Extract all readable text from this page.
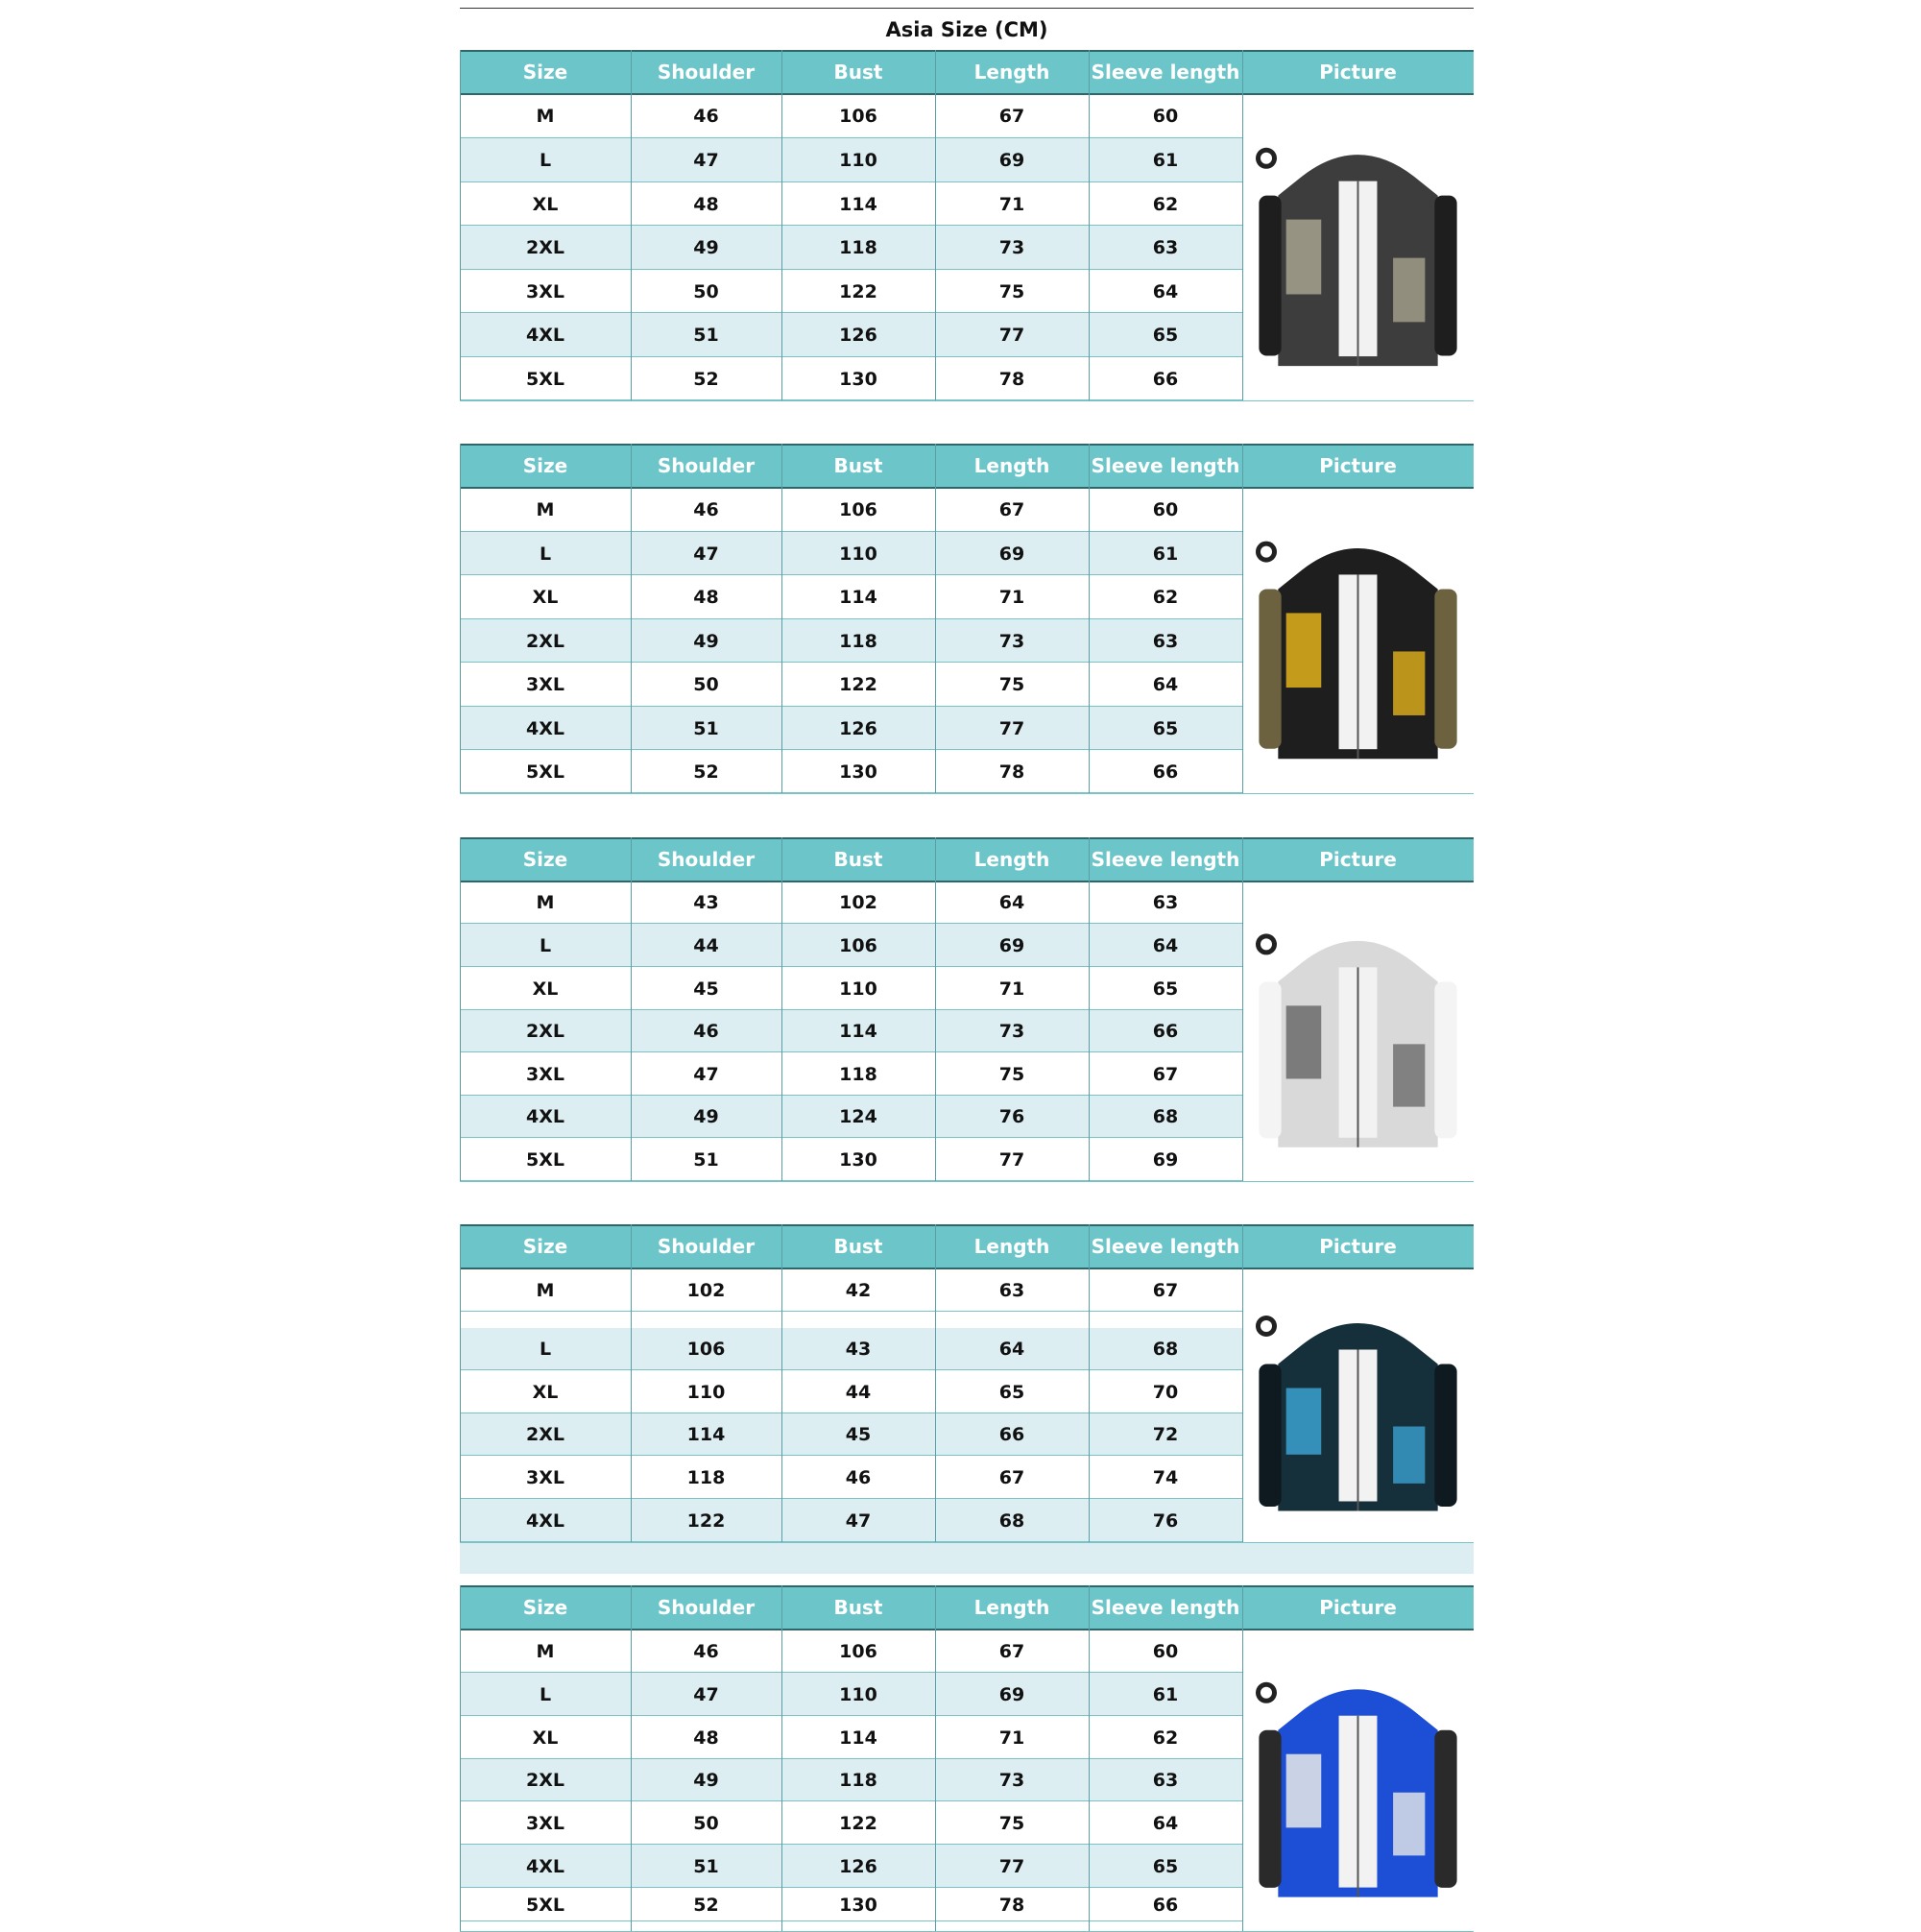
Asia Size (CM)
Size	Shoulder	Bust	Length	Sleeve length	Picture
M	46	106	67	60
L	47	110	69	61
XL	48	114	71	62
2XL	49	118	73	63
3XL	50	122	75	64
4XL	51	126	77	65
5XL	52	130	78	66
Size	Shoulder	Bust	Length	Sleeve length	Picture
M	46	106	67	60
L	47	110	69	61
XL	48	114	71	62
2XL	49	118	73	63
3XL	50	122	75	64
4XL	51	126	77	65
5XL	52	130	78	66
Size	Shoulder	Bust	Length	Sleeve length	Picture
M	43	102	64	63
L	44	106	69	64
XL	45	110	71	65
2XL	46	114	73	66
3XL	47	118	75	67
4XL	49	124	76	68
5XL	51	130	77	69
Size	Shoulder	Bust	Length	Sleeve length	Picture
M	102	42	63	67
L	106	43	64	68
XL	110	44	65	70
2XL	114	45	66	72
3XL	118	46	67	74
4XL	122	47	68	76
Size	Shoulder	Bust	Length	Sleeve length	Picture
M	46	106	67	60
L	47	110	69	61
XL	48	114	71	62
2XL	49	118	73	63
3XL	50	122	75	64
4XL	51	126	77	65
5XL	52	130	78	66
